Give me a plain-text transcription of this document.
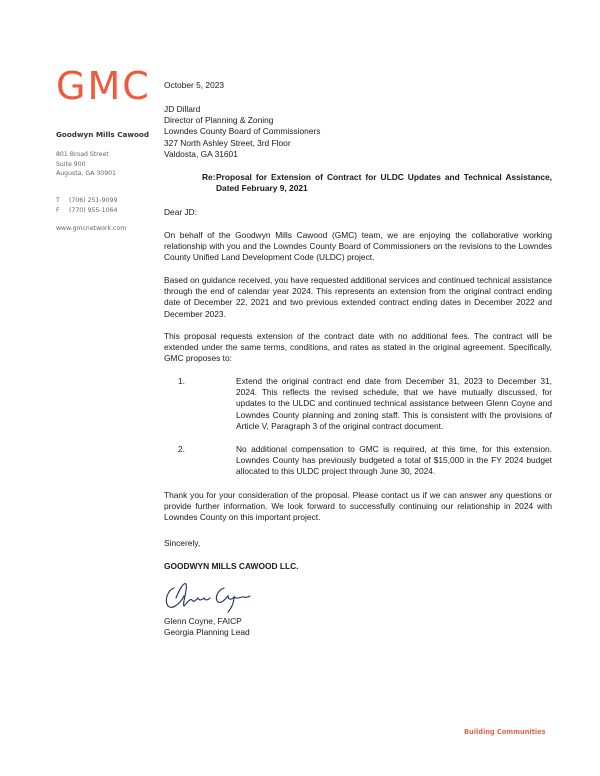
GMC
Goodwyn Mills Cawood
801 Broad Street
Suite 900
Augusta, GA 30901
T (706) 251-9099
F (770) 955-1064
www.gmcnetwork.com
October 5, 2023
JD Dillard
Director of Planning & Zoning
Lowndes County Board of Commissioners
327 North Ashley Street, 3rd Floor
Valdosta, GA 31601
Re: Proposal for Extension of Contract for ULDC Updates and Technical Assistance, Dated February 9, 2021
Dear JD:
On behalf of the Goodwyn Mills Cawood (GMC) team, we are enjoying the collaborative working relationship with you and the Lowndes County Board of Commissioners on the revisions to the Lowndes County Unified Land Development Code (ULDC) project.
Based on guidance received, you have requested additional services and continued technical assistance through the end of calendar year 2024. This represents an extension from the original contract ending date of December 22, 2021 and two previous extended contract ending dates in December 2022 and December 2023.
This proposal requests extension of the contract date with no additional fees. The contract will be extended under the same terms, conditions, and rates as stated in the original agreement. Specifically, GMC proposes to:
1.	Extend the original contract end date from December 31, 2023 to December 31, 2024. This reflects the revised schedule, that we have mutually discussed, for updates to the ULDC and continued technical assistance between Glenn Coyne and Lowndes County planning and zoning staff. This is consistent with the provisions of Article V, Paragraph 3 of the original contract document.
2.	No additional compensation to GMC is required, at this time, for this extension. Lowndes County has previously budgeted a total of $15,000 in the FY 2024 budget allocated to this ULDC project through June 30, 2024.
Thank you for your consideration of the proposal. Please contact us if we can answer any questions or provide further information. We look forward to successfully continuing our relationship in 2024 with Lowndes County on this important project.
Sincerely,
GOODWYN MILLS CAWOOD LLC.
Glenn Coyne, FAICP
Georgia Planning Lead
Building Communities
